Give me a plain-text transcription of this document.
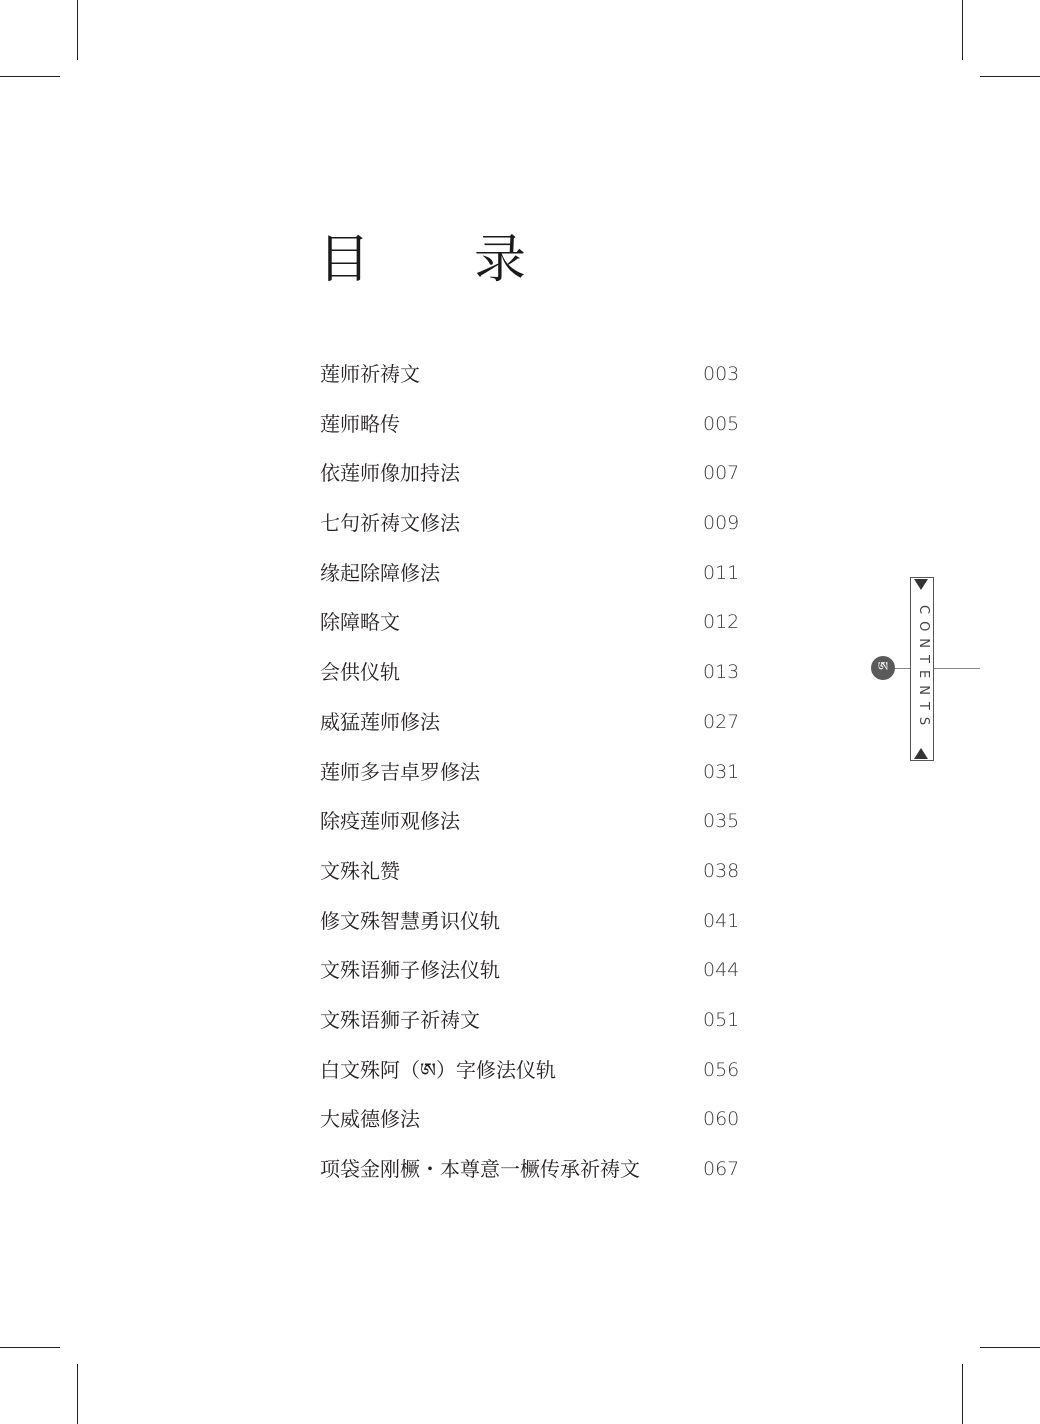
目　录
莲师祈祷文	003
莲师略传	005
依莲师像加持法	007
七句祈祷文修法	009
缘起除障修法	011
除障略文	012
会供仪轨	013
威猛莲师修法	027
莲师多吉卓罗修法	031
除疫莲师观修法	035
文殊礼赞	038
修文殊智慧勇识仪轨	041
文殊语狮子修法仪轨	044
文殊语狮子祈祷文	051
白文殊阿（ཨ）字修法仪轨	056
大威德修法	060
项袋金刚橛・本尊意一橛传承祈祷文	067
ཨ	CONTENTS
